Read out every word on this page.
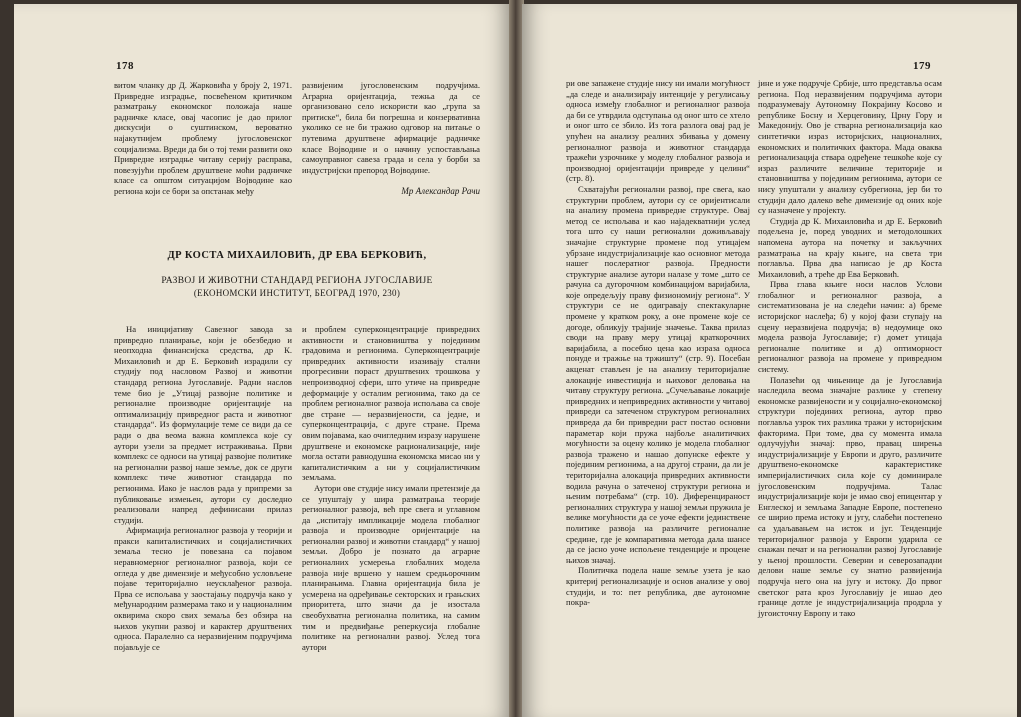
178

витом чланку др Д. Жарковића у броју 2, 1971. Привредне изградње, посвећеном критичком разматрању економског положаја наше радничке класе, овај часопис је дао прилог дискусији о суштинском, вероватно најакутнијем проблему југословенског социјализма. Вреди да би о тој теми развити око Привредне изградње читаву серију расправа, повезујући проблем друштвене моћи радничке класе са општом ситуацијом Војводине као региона који се бори за опстанак међу

развијеним југословенским подручјима. Аграрна оријентација, тежња да се организовано село искористи као „група за притиске“, била би погрешна и конзервативна уколико се не би тражио одговор на питање о путевима друштвене афирмације радничке класе Војводине и о начину успостављања самоуправног савеза града и села у борби за индустријски препород Војводине.

Мр Александар Рачи
ДР КОСТА МИХАИЛОВИЋ, ДР ЕВА БЕРКОВИЋ,
РАЗВОЈ И ЖИВОТНИ СТАНДАРД РЕГИОНА ЈУГОСЛАВИЈЕ
(ЕКОНОМСКИ ИНСТИТУТ, БЕОГРАД 1970, 230)

На иницијативу Савезног завода за привредно планирање, који је обезбедио и неопходна финансијска средства, др К. Михаиловић и др Е. Берковић израдили су студију под насловом Развој и животни стандард региона Југославије. Радни наслов теме био је „Утицај развојне политике и регионалне производне оријентације на оптимализацију привредног раста и животног стандарда“. Из формулације теме се види да се ради о два веома важна комплекса које су аутори узели за предмет истраживања. Први комплекс се односи на утицај развојне политике на регионални развој наше земље, док се други комплекс тиче животног стандарда по регионима. Иако је наслов рада у припреми за публиковање измењен, аутори су доследно реализовали напред дефинисани прилаз студији.

Афирмација регионалног развоја у теорији и пракси капиталистичких и социјалистичких земаља тесно је повезана са појавом неравномерног регионалног развоја, који се огледа у две димензије и међусобно условљене појаве територијално неусклађеног развоја. Прва се испољава у заостајању подручја како у међународним размерама тако и у националним оквирима скоро свих земаља без обзира на њихов укупни развој и карактер друштвених односа. Паралелно са неразвијеним подручјима појављује се

и проблем суперконцентрације привредних активности и становништва у појединим градовима и регионима. Суперконцентрације привредних активности изазивају стални прогресивни пораст друштвених трошкова у непроизводној сфери, што утиче на привредне деформације у осталим регионима, тако да се проблем регионалног развоја испољава са своје две стране — неразвијености, са једне, и суперконцентрација, с друге стране. Према овим појавама, као очигледним изразу нарушене друштвене и економске рационализације, није могла остати равнодушна економска мисао ни у капиталистичким а ни у социјалистичким земљама.

Аутори ове студије нису имали претензије да се упуштају у шира разматрања теорије регионалног развоја, већ пре свега и углавном да „испитају импликације модела глобалног развоја и производне оријентације на регионални развој и животни стандард“ у нашој земљи. Добро је познато да аграрне регионалних усмерења глобалних модела развоја није вршено у нашем средњорочним планирањима. Главна оријентација била је усмерена на одређивање секторских и грањских приоритета, што значи да је изостала свеобухватна регионална политика, на самим тим и предвиђање реперкусија глобалне политике на регионални развој. Услед тога аутори

179

ри ове запажене студије нису ни имали могућност „да следе и анализирају интенције у регулисању односа између глобалног и регионалног развоја да би се утврдила одступања од оног што се хтело и оног што се збило. Из тога разлога овај рад је упућен на анализу реалних збивања у домену регионалног развоја и животног стандарда тражећи узрочнике у моделу глобалног развоја и производној оријентацији привреде у целини“ (стр. 8).

Схватајући регионални развој, пре свега, као структурни проблем, аутори су се оријентисали на анализу промена привредне структуре. Овај метод се испољава и као најадекватнији услед тога што су наши регионални доживљавају значајне структурне промене под утицајем убрзане индустријализације као основног метода нашег послератног развоја. Предности структурне анализе аутори налазе у томе „што се рачуна са дугорочном комбинацијом варијабила, које опредељују праву физиономију региона“. У структури се не одигравају спектакуларне промене у кратком року, а оне промене које се догоде, обликују трајније значење. Таква прилаз своди на праву меру утицај краткорочних варијабила, а посебно цена као израза односа понуде и тражње на тржишту“ (стр. 9). Посебан акценат стављен је на анализу територијалне алокације инвестиција и њиховог деловања на читаву структуру региона. „Сучељавање локације привредних и непривредних активности у читавој привреди са затеченом структуром регионалних привреда да би привредни раст постао основни параметар који пружа најбоље аналитичких могућности за оцену колико је модела глобалног развоја тражено и нашао допунске ефекте у појединим регионима, а на другој страни, да ли је територијална алокација привредних активности водила рачуна о затеченој структури региона и њеним потребама“ (стр. 10). Диференцираност регионалних структура у нашој земљи пружила је велике могућности да се уоче ефекти јединствене политике развоја на различите регионалне средине, где је компаративна метода дала шансе да се јасно уоче испољене тенденције и процене њихов значај.

Политичка подела наше земље узета је као критериј регионализације и основ анализе у овој студији, и то: пет република, две аутономне покра-

јине и уже подручје Србије, што представља осам региона. Под неразвијеним подручјима аутори подразумевају Аутономну Покрајину Косово и републике Босну и Херцеговину, Црну Гору и Македонију. Ово је стварна регионализација као синтетички израз историјских, националних, економских и политичких фактора. Мада оваква регионализација ствара одређене тешкоће које су израз различите величине територије и становништва у појединим регионима, аутори се нису упуштали у анализу субрегиона, јер би то студијн дало далеко веће димензије од оних које су назначене у пројекту.

Студија др К. Михаиловића и др Е. Берковић подељена је, поред уводних и методолошких напомена аутора на почетку и закључних разматрања на крају књиге, на света три поглавља. Прва два написао је др Коста Михаиловић, а треће др Ева Берковић.

Прва глава књиге носи наслов Услови глобалног и регионалног развоја, а систематизована је на следећи начин: а) бреме историјског наслеђа; б) у којој фази ступају на сцену неразвијена подручја; в) недоумице око модела развоја Југославије; г) домет утицаја регионалне политике и д) оптиморност регионалног развоја на промене у привредном систему.

Полазећи од чињенице да је Југославија наследила веома значајне разлике у степену економске развијености и у социјално-економској структури појединих региона, аутор прво поглавља узрок тих разлика тражи у историјским факторима. При томе, два су момента имала одлучујући значај: прво, правац ширења индустријализације у Европи и друго, различите друштвено-економске карактеристике империјалистичких сила које су доминирале југословенским подручјима. Талас индустријализације који је имао свој епицентар у Енглеској и земљама Западне Европе, постепено се ширио према истоку и југу, слабећи постепено са удаљавањем на исток и југ. Тенденције територијалног развоја у Европи ударила се снажан печат и на регионални развој Југославије у њеној прошлости. Северни и северозападни делови наше земље су знатно развијенија подручја него она на југу и истоку. До првог светског рата кроз Југославију је ишао део границе дотле је индустријализација продрла у југоисточну Европу и тако
